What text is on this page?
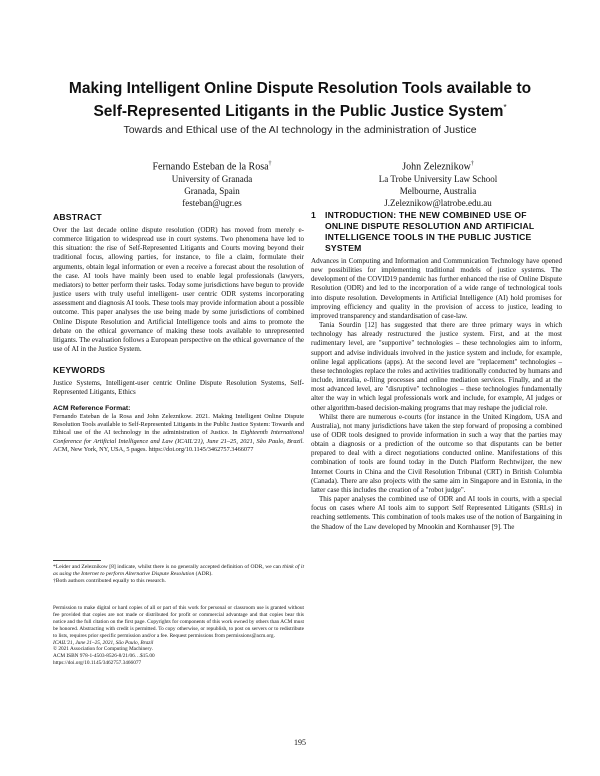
Making Intelligent Online Dispute Resolution Tools available to
Self-Represented Litigants in the Public Justice System*
Towards and Ethical use of the AI technology in the administration of Justice
Fernando Esteban de la Rosa†
University of Granada
Granada, Spain
festeban@ugr.es
John Zeleznikow†
La Trobe University Law School
Melbourne, Australia
J.Zeleznikow@latrobe.edu.au
ABSTRACT

Over the last decade online dispute resolution (ODR) has moved from merely e-commerce litigation to widespread use in court systems. Two phenomena have led to this situation: the rise of Self-Represented Litigants and Courts moving beyond their traditional focus, allowing parties, for instance, to file a claim, formulate their arguments, obtain legal information or even a receive a forecast about the resolution of the case. AI tools have mainly been used to enable legal professionals (lawyers, mediators) to better perform their tasks. Today some jurisdictions have begun to provide justice users with truly useful intelligent- user centric ODR systems incorporating assessment and diagnosis AI tools. These tools may provide information about a possible outcome. This paper analyses the use being made by some jurisdictions of combined Online Dispute Resolution and Artificial Intelligence tools and aims to promote the debate on the ethical governance of making these tools available to unrepresented litigants. The evaluation follows a European perspective on the ethical governance of the use of AI in the Justice System.

KEYWORDS

Justice Systems, Intelligent-user centric Online Dispute Resolution Systems, Self-Represented Litigants, Ethics

ACM Reference Format:

Fernando Esteban de la Rosa and John Zeleznikow. 2021. Making Intelligent Online Dispute Resolution Tools available to Self-Represented Litigants in the Public Justice System: Towards and Ethical use of the AI technology in the administration of Justice. In Eighteenth International Conference for Artificial Intelligence and Law (ICAIL'21), June 21–25, 2021, São Paulo, Brazil. ACM, New York, NY, USA, 5 pages. https://doi.org/10.1145/3462757.3466077

*Leider and Zeleznikow [8] indicate, whilst there is no generally accepted definition of ODR, we can think of it as using the Internet to perform Alternative Dispute Resolution (ADR).

†Both authors contributed equally to this research.

Permission to make digital or hard copies of all or part of this work for personal or classroom use is granted without fee provided that copies are not made or distributed for profit or commercial advantage and that copies bear this notice and the full citation on the first page. Copyrights for components of this work owned by others than ACM must be honored. Abstracting with credit is permitted. To copy otherwise, or republish, to post on servers or to redistribute to lists, requires prior specific permission and/or a fee. Request permissions from permissions@acm.org.

ICAIL'21, June 21–25, 2021, São Paulo, Brazil

© 2021 Association for Computing Machinery.

ACM ISBN 978-1-4503-8526-8/21/06…$15.00

https://doi.org/10.1145/3462757.3466077

1	INTRODUCTION: THE NEW COMBINED USE OF ONLINE DISPUTE RESOLUTION AND ARTIFICIAL INTELLIGENCE TOOLS IN THE PUBLIC JUSTICE SYSTEM

Advances in Computing and Information and Communication Technology have opened new possibilities for implementing traditional models of justice systems. The development of the COVID19 pandemic has further enhanced the rise of Online Dispute Resolution (ODR) and led to the incorporation of a wide range of technological tools into dispute resolution. Developments in Artificial Intelligence (AI) hold promises for improving efficiency and quality in the provision of access to justice, leading to improved transparency and standardisation of case-law.

Tania Sourdin [12] has suggested that there are three primary ways in which technology has already restructured the justice system. First, and at the most rudimentary level, are "supportive" technologies – these technologies aim to inform, support and advise individuals involved in the justice system and include, for example, online legal applications (apps). At the second level are "replacement" technologies – these technologies replace the roles and activities traditionally conducted by humans and include, interalia, e-filing processes and online mediation services. Finally, and at the most advanced level, are "disruptive" technologies – these technologies fundamentally alter the way in which legal professionals work and include, for example, AI judges or other algorithm-based decision-making programs that may reshape the judicial role.

Whilst there are numerous e-courts (for instance in the United Kingdom, USA and Australia), not many jurisdictions have taken the step forward of proposing a combined use of ODR tools designed to provide information in such a way that the parties may obtain a diagnosis or a prediction of the outcome so that disputants can be better prepared to deal with a direct negotiations conducted online. Manifestations of this combination of tools are found today in the Dutch Platform Rechtwijzer, the new Internet Courts in China and the Civil Resolution Tribunal (CRT) in British Columbia (Canada). There are also projects with the same aim in Singapore and in Estonia, in the latter case this includes the creation of a "robot judge".

This paper analyses the combined use of ODR and AI tools in courts, with a special focus on cases where AI tools aim to support Self Represented Litigants (SRLs) in reaching settlements. This combination of tools makes use of the notion of Bargaining in the Shadow of the Law developed by Mnookin and Kornhauser [9]. The

195
